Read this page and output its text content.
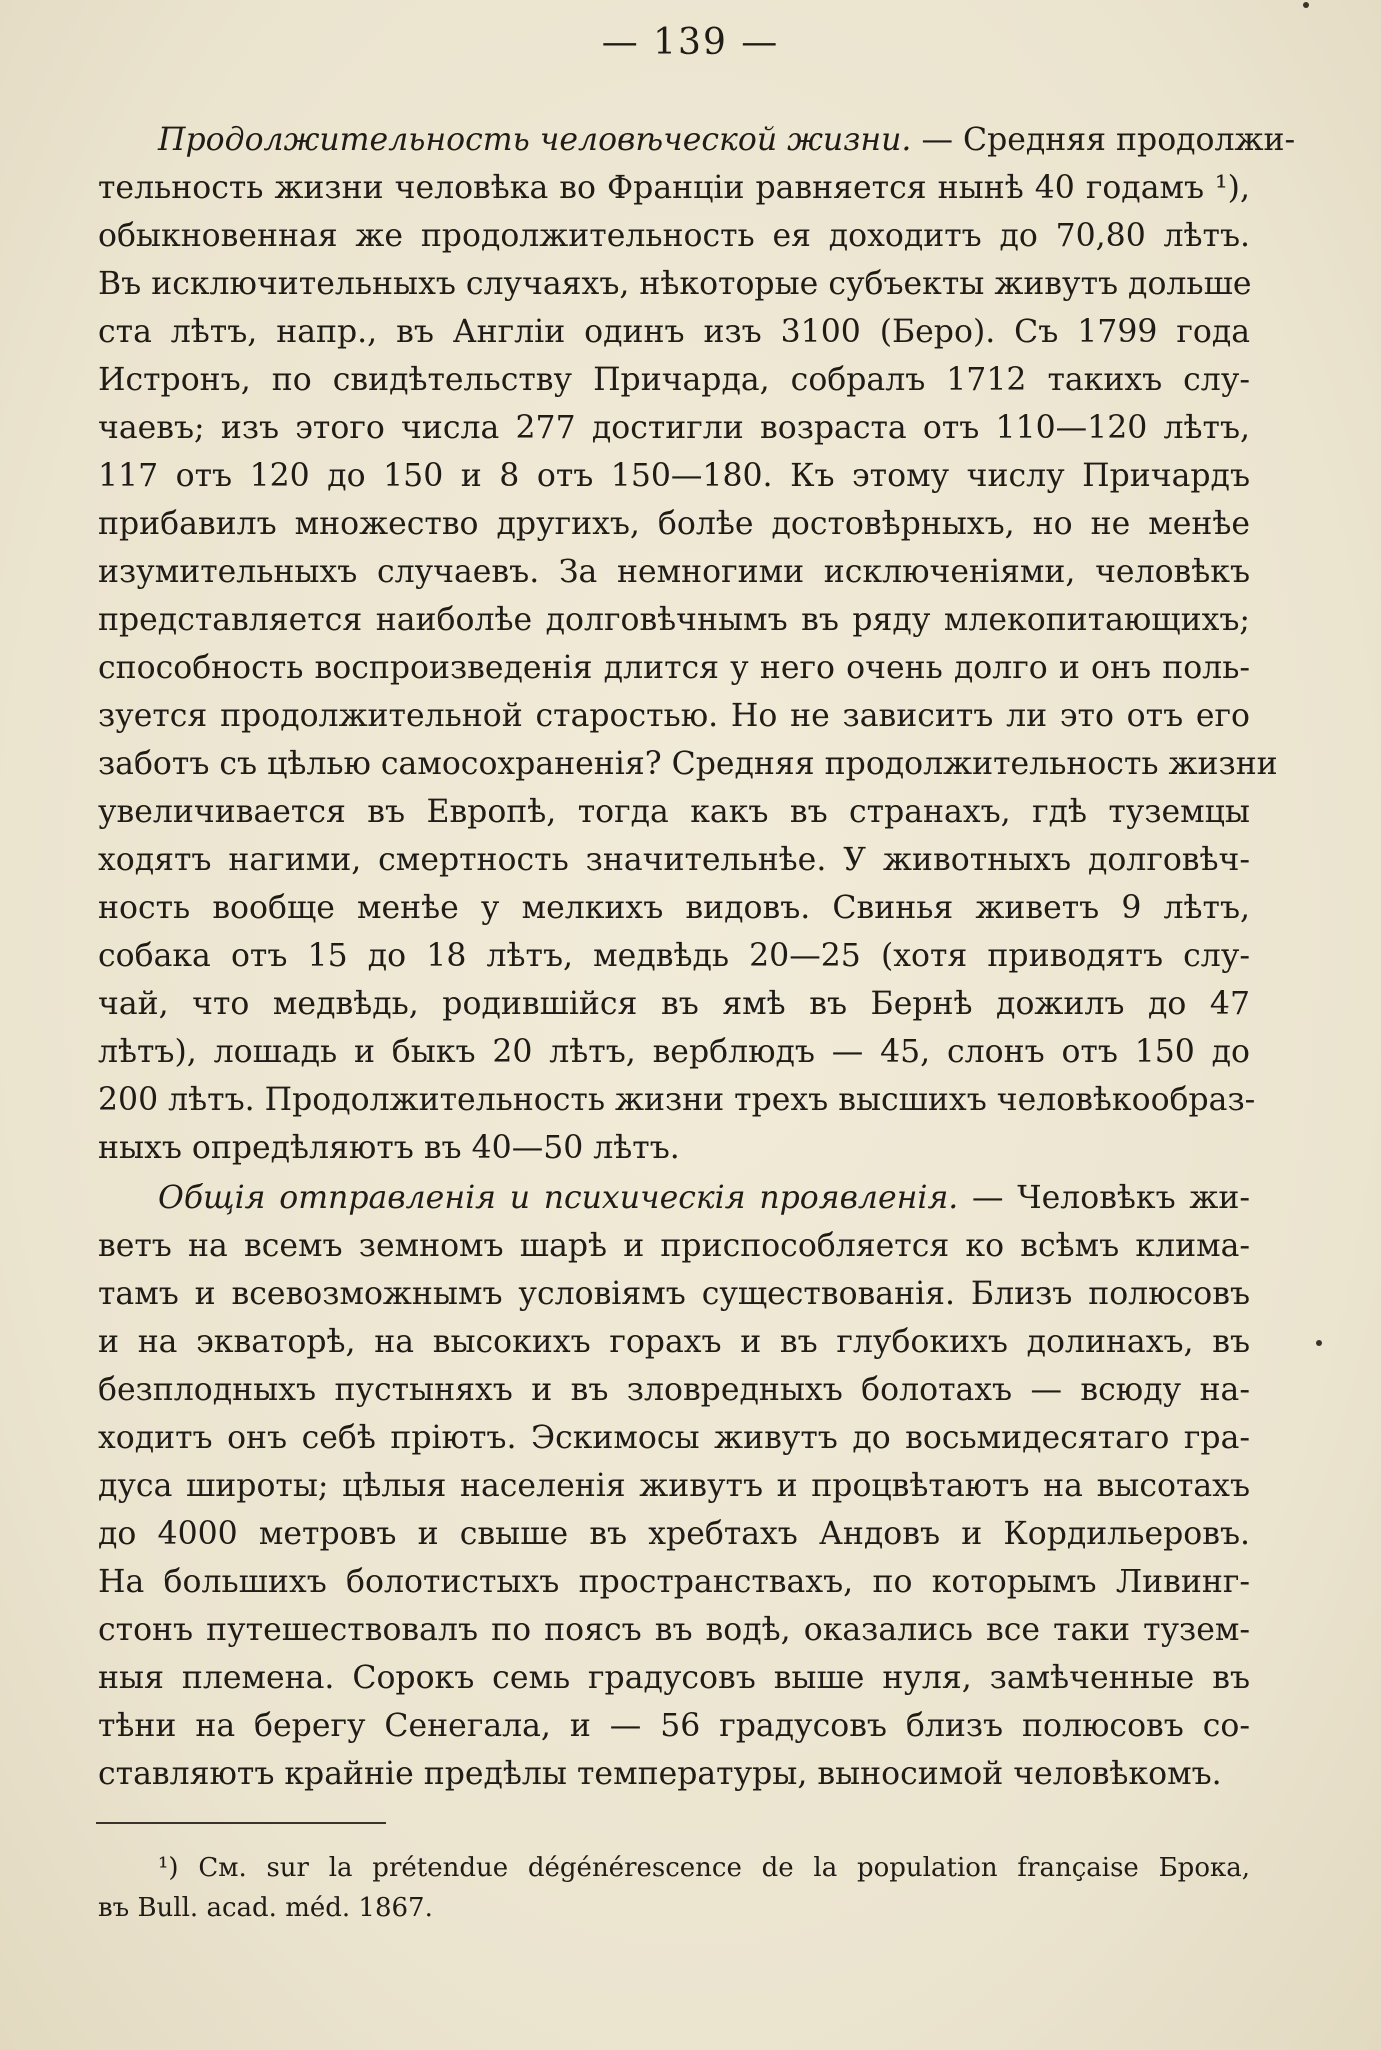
— 139 —
Продолжительность человѣческой жизни. — Средняя продолжи-
тельность жизни человѣка во Франціи равняется нынѣ 40 годамъ ¹),
обыкновенная же продолжительность ея доходитъ до 70,80 лѣтъ.
Въ исключительныхъ случаяхъ, нѣкоторые субъекты живутъ дольше
ста лѣтъ, напр., въ Англіи одинъ изъ 3100 (Беро). Съ 1799 года
Истронъ, по свидѣтельству Причарда, собралъ 1712 такихъ слу-
чаевъ; изъ этого числа 277 достигли возраста отъ 110—120 лѣтъ,
117 отъ 120 до 150 и 8 отъ 150—180. Къ этому числу Причардъ
прибавилъ множество другихъ, болѣе достовѣрныхъ, но не менѣе
изумительныхъ случаевъ. За немногими исключеніями, человѣкъ
представляется наиболѣе долговѣчнымъ въ ряду млекопитающихъ;
способность воспроизведенія длится у него очень долго и онъ поль-
зуется продолжительной старостью. Но не зависитъ ли это отъ его
заботъ съ цѣлью самосохраненія? Средняя продолжительность жизни
увеличивается въ Европѣ, тогда какъ въ странахъ, гдѣ туземцы
ходятъ нагими, смертность значительнѣе. У животныхъ долговѣч-
ность вообще менѣе у мелкихъ видовъ. Свинья живетъ 9 лѣтъ,
собака отъ 15 до 18 лѣтъ, медвѣдь 20—25 (хотя приводятъ слу-
чай, что медвѣдь, родившійся въ ямѣ въ Бернѣ дожилъ до 47
лѣтъ), лошадь и быкъ 20 лѣтъ, верблюдъ — 45, слонъ отъ 150 до
200 лѣтъ. Продолжительность жизни трехъ высшихъ человѣкообраз-
ныхъ опредѣляютъ въ 40—50 лѣтъ.
Общія отправленія и психическія проявленія. — Человѣкъ жи-
ветъ на всемъ земномъ шарѣ и приспособляется ко всѣмъ клима-
тамъ и всевозможнымъ условіямъ существованія. Близъ полюсовъ
и на экваторѣ, на высокихъ горахъ и въ глубокихъ долинахъ, въ
безплодныхъ пустыняхъ и въ зловредныхъ болотахъ — всюду на-
ходитъ онъ себѣ пріютъ. Эскимосы живутъ до восьмидесятаго гра-
дуса широты; цѣлыя населенія живутъ и процвѣтаютъ на высотахъ
до 4000 метровъ и свыше въ хребтахъ Андовъ и Кордильеровъ.
На большихъ болотистыхъ пространствахъ, по которымъ Ливинг-
стонъ путешествовалъ по поясъ въ водѣ, оказались все таки тузем-
ныя племена. Сорокъ семь градусовъ выше нуля, замѣченные въ
тѣни на берегу Сенегала, и — 56 градусовъ близъ полюсовъ со-
ставляютъ крайніе предѣлы температуры, выносимой человѣкомъ.
¹) См. sur la prétendue dégénérescence de la population française Брока,
въ Bull. acad. méd. 1867.
